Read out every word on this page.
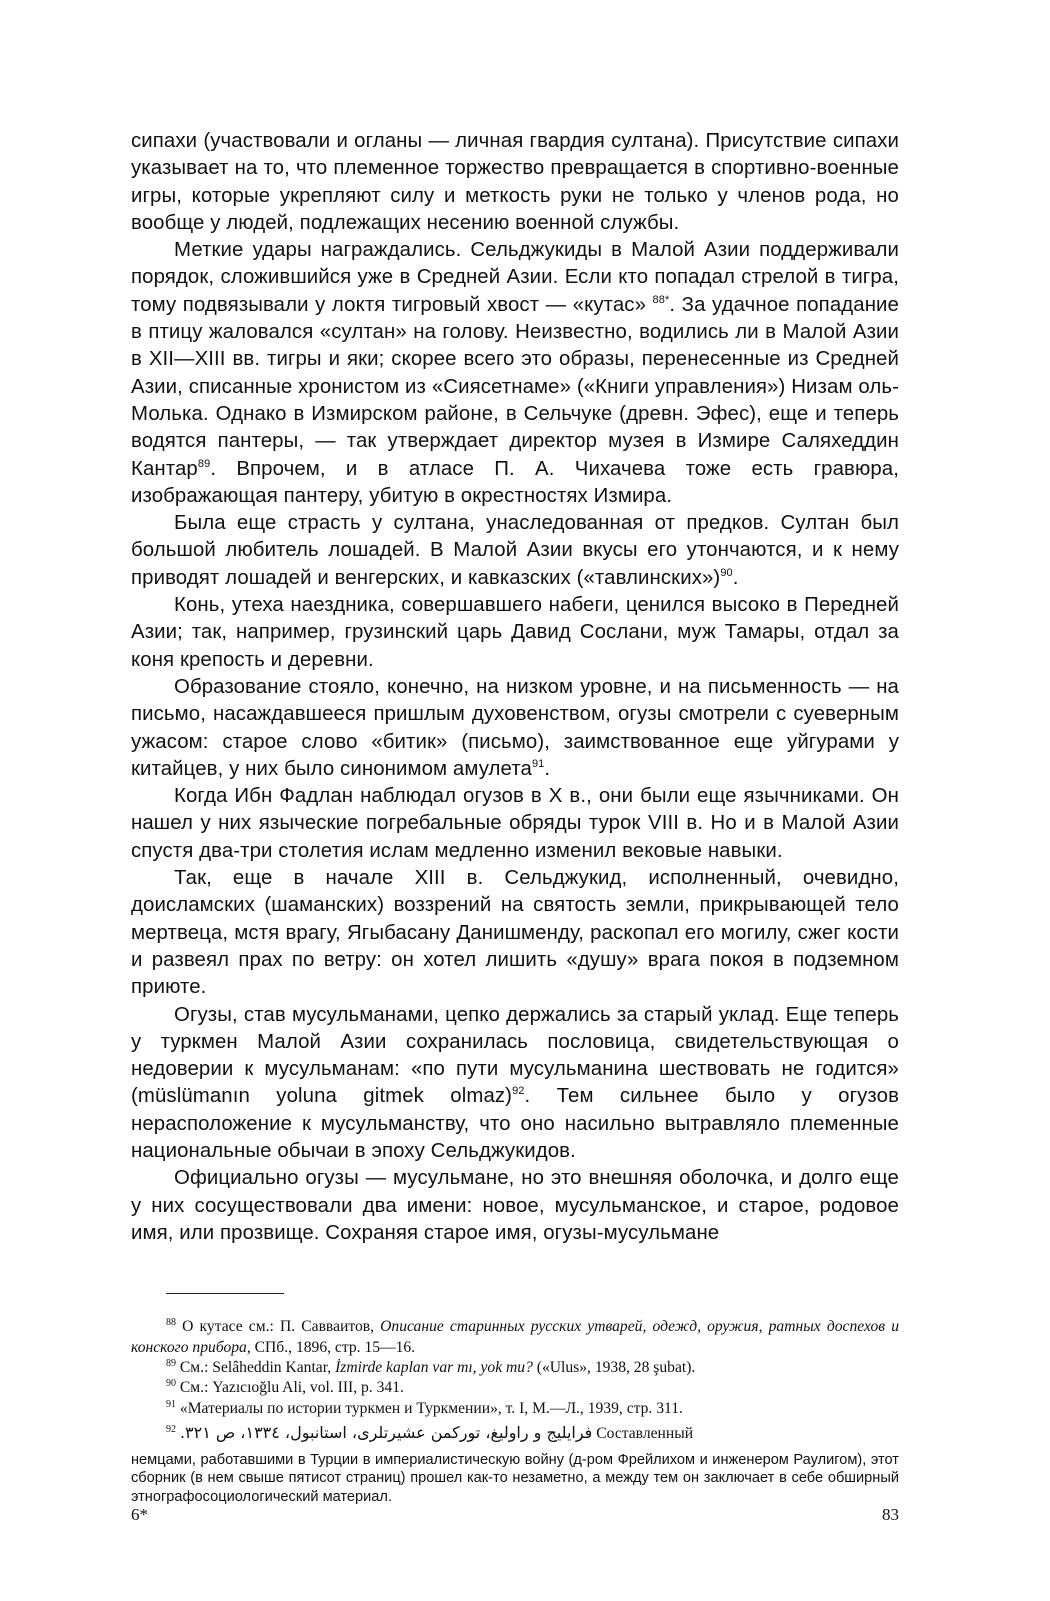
сипахи (участвовали и огланы — личная гвардия султана). Присутствие сипахи указывает на то, что племенное торжество превращается в спортивно-военные игры, которые укрепляют силу и меткость руки не только у членов рода, но вообще у людей, подлежащих несению военной службы.

Меткие удары награждались. Сельджукиды в Малой Азии поддерживали порядок, сложившийся уже в Средней Азии. Если кто попадал стрелой в тигра, тому подвязывали у локтя тигровый хвост — «кутас» $^{88*}$. За удачное попадание в птицу жаловался «султан» на голову. Неизвестно, водились ли в Малой Азии в XII—XIII вв. тигры и яки; скорее всего это образы, перенесенные из Средней Азии, списанные хронистом из «Сиясетнаме» («Книги управления») Низам оль-Молька. Однако в Измирском районе, в Сельчуке (древн. Эфес), еще и теперь водятся пантеры, — так утверждает директор музея в Измире Саляхеддин Кантар$^{89}$. Впрочем, и в атласе П. А. Чихачева тоже есть гравюра, изображающая пантеру, убитую в окрестностях Измира.

Была еще страсть у султана, унаследованная от предков. Султан был большой любитель лошадей. В Малой Азии вкусы его утончаются, и к нему приводят лошадей и венгерских, и кавказских («тавлинских»)$^{90}$.

Конь, утеха наездника, совершавшего набеги, ценился высоко в Передней Азии; так, например, грузинский царь Давид Сослани, муж Тамары, отдал за коня крепость и деревни.

Образование стояло, конечно, на низком уровне, и на письменность — на письмо, насаждавшееся пришлым духовенством, огузы смотрели с суеверным ужасом: старое слово «битик» (письмо), заимствованное еще уйгурами у китайцев, у них было синонимом амулета$^{91}$.

Когда Ибн Фадлан наблюдал огузов в X в., они были еще язычниками. Он нашел у них языческие погребальные обряды турок VIII в. Но и в Малой Азии спустя два-три столетия ислам медленно изменил вековые навыки.

Так, еще в начале XIII в. Сельджукид, исполненный, очевидно, доисламских (шаманских) воззрений на святость земли, прикрывающей тело мертвеца, мстя врагу, Ягыбасану Данишменду, раскопал его могилу, сжег кости и развеял прах по ветру: он хотел лишить «душу» врага покоя в подземном приюте.

Огузы, став мусульманами, цепко держались за старый уклад. Еще теперь у туркмен Малой Азии сохранилась пословица, свидетельствующая о недоверии к мусульманам: «по пути мусульманина шествовать не годится» (müslümanın yoluna gitmek olmaz)$^{92}$. Тем сильнее было у огузов нерасположение к мусульманству, что оно насильно вытравляло племенные национальные обычаи в эпоху Сельджукидов.

Официально огузы — мусульмане, но это внешняя оболочка, и долго еще у них сосуществовали два имени: новое, мусульманское, и старое, родовое имя, или прозвище. Сохраняя старое имя, огузы-мусульмане

$^{88}$ О кутасе см.: П. Савваитов, Описание старинных русских утварей, одежд, оружия, ратных доспехов и конского прибора, СПб., 1896, стр. 15—16.

$^{89}$ См.: Selâheddin Kantar, İzmirde kaplan var mı, yok mu? («Ulus», 1938, 28 şubat).

$^{90}$ См.: Yazıcıoğlu Ali, vol. III, p. 341.

$^{91}$ «Материалы по истории туркмен и Туркмении», т. I, М.—Л., 1939, стр. 311.

$^{92}$ فرايليج و راوليغ، توركمن عشيرتلرى، استانبول، ١٣٣٤، ص ٣٢١. Составленный

немцами, работавшими в Турции в империалистическую войну (д-ром Фрейлихом и инженером Раулигом), этот сборник (в нем свыше пятисот страниц) прошел как-то незаметно, а между тем он заключает в себе обширный этнографосоциологический материал.

6*	83
